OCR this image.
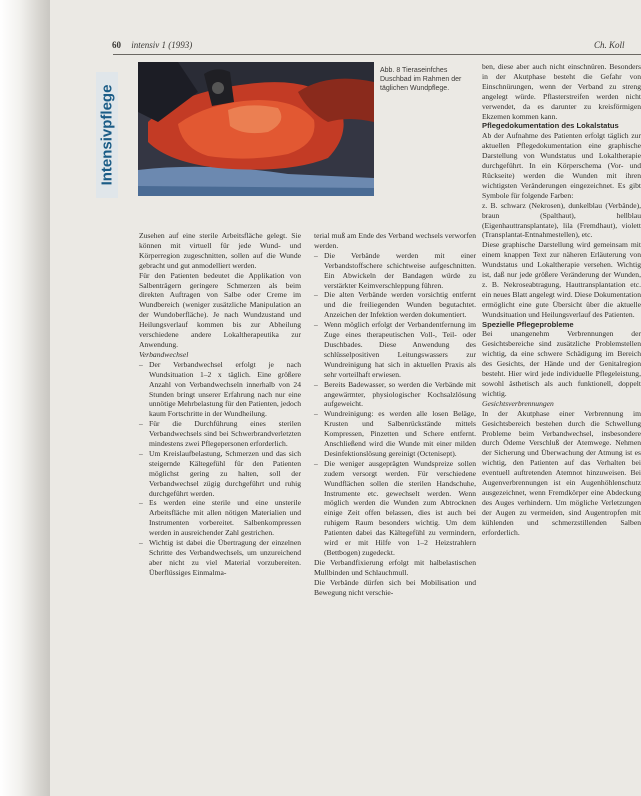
60 intensiv 1 (1993)	Ch. Koll
Intensivpflege
Abb. 8 Tieraseinfches Duschbad im Rahmen der täglichen Wundpflege.

Zusehen auf eine sterile Arbeitsfläche gelegt. Sie können mit virtuell für jede Wund- und Körperregion zugeschnitten, sollen auf die Wunde gebracht und gut anmodelliert werden.

Für den Patienten bedeutet die Applikation von Salbenträgern geringere Schmerzen als beim direkten Auftragen von Salbe oder Creme im Wundbereich (weniger zusätzliche Manipulation an der Wundoberfläche). Je nach Wundzustand und Heilungsverlauf kommen bis zur Abheilung verschiedene andere Lokaltherapeutika zur Anwendung.

Verbandwechsel

– Der Verbandwechsel erfolgt je nach Wundsituation 1–2 x täglich. Eine größere Anzahl von Verbandwechseln innerhalb von 24 Stunden bringt unserer Erfahrung nach nur eine unnötige Mehrbelastung für den Patienten, jedoch kaum Fortschritte in der Wundheilung.
– Für die Durchführung eines sterilen Verbandwechsels sind bei Schwerbrandverletzten mindestens zwei Pflegepersonen erforderlich.
– Um Kreislaufbelastung, Schmerzen und das sich steigernde Kältegefühl für den Patienten möglichst gering zu halten, soll der Verbandwechsel zügig durchgeführt und ruhig durchgeführt werden.
– Es werden eine sterile und eine unsterile Arbeitsfläche mit allen nötigen Materialien und Instrumenten vorbereitet. Salbenkompressen werden in ausreichender Zahl gestrichen.
– Wichtig ist dabei die Übertragung der einzelnen Schritte des Verbandwechsels, um unzureichend aber nicht zu viel Material vorzubereiten. Überflüssiges Einmalma-

terial muß am Ende des Verband wechsels verworfen werden.

– Die Verbände werden mit einer Verbandstoffschere schichtweise aufgeschnitten. Ein Abwickeln der Bandagen würde zu verstärkter Keimverschleppung führen.
– Die alten Verbände werden vorsichtig entfernt und die freiliegenden Wunden begutachtet. Anzeichen der Infektion werden dokumentiert.
– Wenn möglich erfolgt der Verbandentfernung im Zuge eines therapeutischen Voll-, Teil- oder Duschbades. Diese Anwendung des schlüsselpositiven Leitungswassers zur Wundreinigung hat sich in aktuellen Praxis als sehr vorteilhaft erwiesen.
– Bereits Badewasser, so werden die Verbände mit angewärmter, physiologischer Kochsalzlösung aufgeweicht.
– Wundreinigung: es werden alle losen Beläge, Krusten und Salbenrückstände mittels Kompressen, Pinzetten und Schere entfernt. Anschließend wird die Wunde mit einer milden Desinfektionslösung gereinigt (Octenisept).
– Die weniger ausgeprägten Wundspreize sollen zudem versorgt werden. Für verschiedene Wundflächen sollen die sterilen Handschuhe, Instrumente etc. gewechselt werden. Wenn möglich werden die Wunden zum Abtrocknen einige Zeit offen belassen, dies ist auch bei ruhigem Raum besonders wichtig. Um dem Patienten dabei das Kältegefühl zu vermindern, wird er mit Hilfe von 1–2 Heizstrahlern (Bettbogen) zugedeckt.

Die Verbandfixierung erfolgt mit halbelastischen Mullbinden und Schlauchmull.

Die Verbände dürfen sich bei Mobilisation und Bewegung nicht verschie-

ben, diese aber auch nicht einschnüren. Besonders in der Akutphase besteht die Gefahr von Einschnürungen, wenn der Verband zu streng angelegt würde. Pflasterstreifen werden nicht verwendet, da es darunter zu kreisförmigen Ekzemen kommen kann.

Pflegedokumentation des Lokalstatus

Ab der Aufnahme des Patienten erfolgt täglich zur aktuellen Pflegedokumentation eine graphische Darstellung von Wundstatus und Lokaltherapie durchgeführt. In ein Körperschema (Vor- und Rückseite) werden die Wunden mit ihren wichtigsten Veränderungen eingezeichnet. Es gibt Symbole für folgende Farben:

z. B. schwarz (Nekrosen), dunkelblau (Verbände), braun (Spalthaut), hellblau (Eigenhauttransplantate), lila (Fremdhaut), violett (Transplantat-Entnahmestellen), etc.

Diese graphische Darstellung wird gemeinsam mit einem knappen Text zur näheren Erläuterung von Wundstatus und Lokaltherapie versehen. Wichtig ist, daß nur jede größere Veränderung der Wunden, z. B. Nekroseabtragung, Hauttransplantation etc. ein neues Blatt angelegt wird. Diese Dokumentation ermöglicht eine gute Übersicht über die aktuelle Wundsituation und Heilungsverlauf des Patienten.

Spezielle Pflegeprobleme

Bei unangenehm Verbrennungen der Gesichtsbereiche sind zusätzliche Problemstellen wichtig, da eine schwere Schädigung im Bereich des Gesichts, der Hände und der Genitalregion besteht. Hier wird jede individuelle Pflegeleistung, sowohl ästhetisch als auch funktionell, doppelt wichtig.

Gesichtsverbrennungen

In der Akutphase einer Verbrennung im Gesichtsbereich bestehen durch die Schwellung Probleme beim Verbandwechsel, insbesondere durch Ödeme Verschluß der Atemwege. Nehmen der Sicherung und Überwachung der Atmung ist es wichtig, den Patienten auf das Verhalten bei eventuell auftretenden Atemnot hinzuweisen. Bei Augenverbrennungen ist ein Augenhöhlenschutz ausgezeichnet, wenn Fremdkörper eine Abdeckung des Auges verhindern. Um mögliche Verletzungen der Augen zu vermeiden, sind Augentropfen mit kühlenden und schmerzstillenden Salben erforderlich.
